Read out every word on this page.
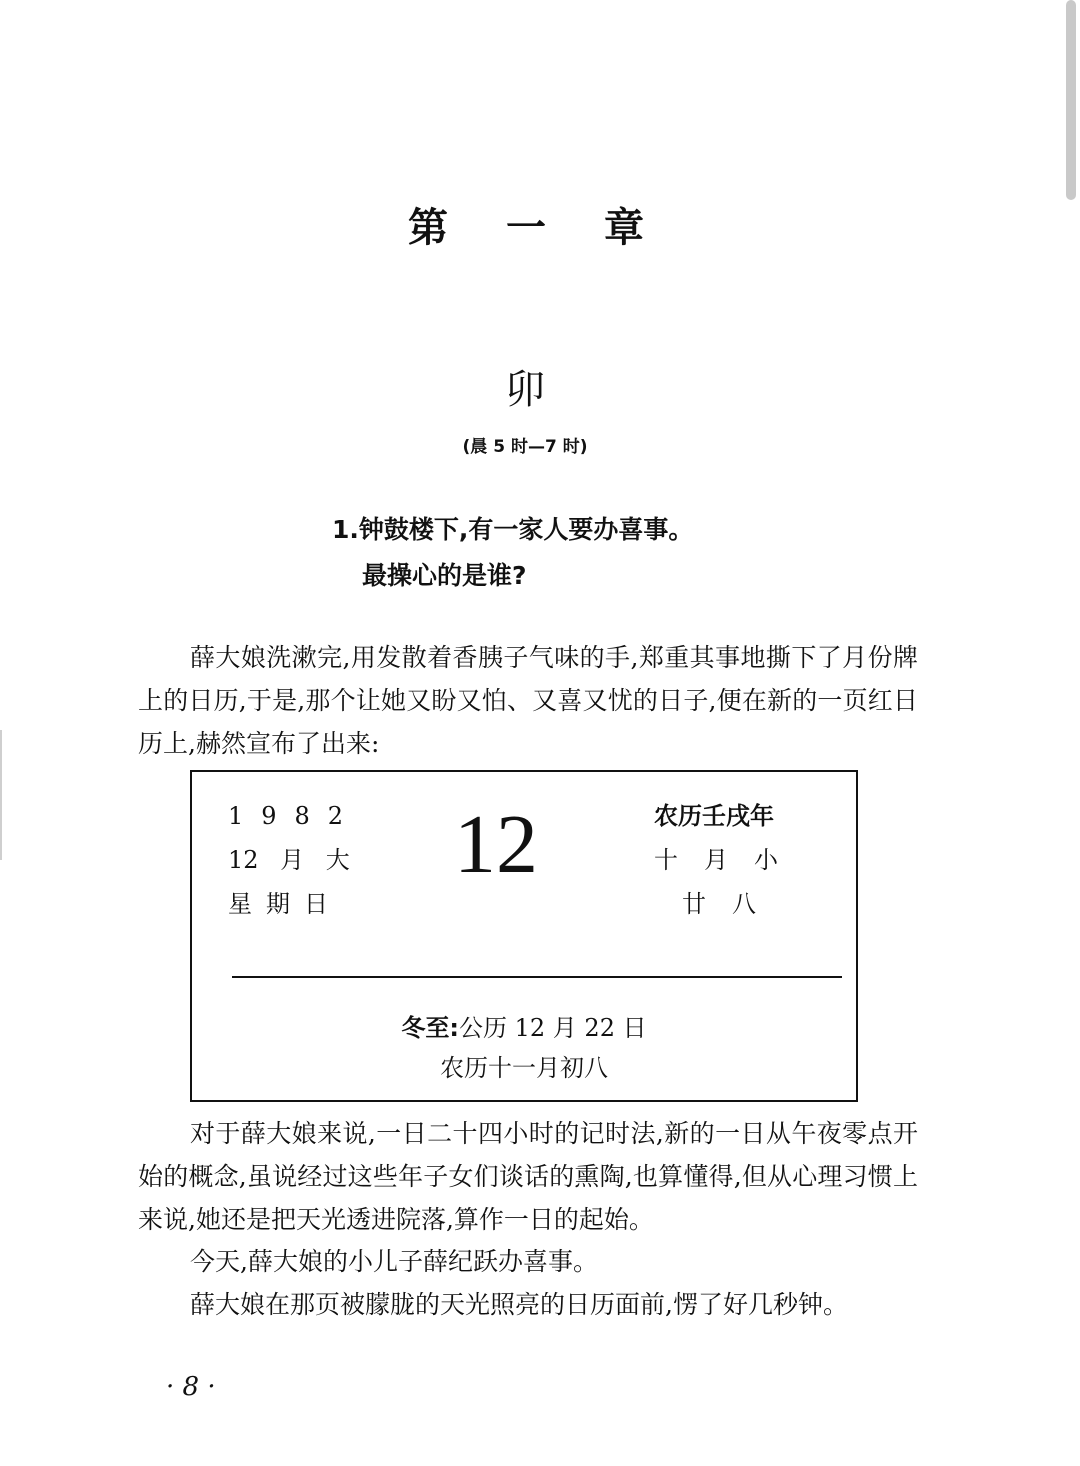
第一章
卯
(晨 5 时—7 时)
1.钟鼓楼下,有一家人要办喜事。
最操心的是谁?
薛大娘洗漱完,用发散着香胰子气味的手,郑重其事地撕下了月份牌上的日历,于是,那个让她又盼又怕、又喜又忧的日子,便在新的一页红日历上,赫然宣布了出来:
1982
12 月 大
星期日
12	农历壬戌年
十月小
廿八
冬至:公历 12 月 22 日
农历十一月初八
对于薛大娘来说,一日二十四小时的记时法,新的一日从午夜零点开始的概念,虽说经过这些年子女们谈话的熏陶,也算懂得,但从心理习惯上来说,她还是把天光透进院落,算作一日的起始。
今天,薛大娘的小儿子薛纪跃办喜事。
薛大娘在那页被朦胧的天光照亮的日历面前,愣了好几秒钟。
· 8 ·
